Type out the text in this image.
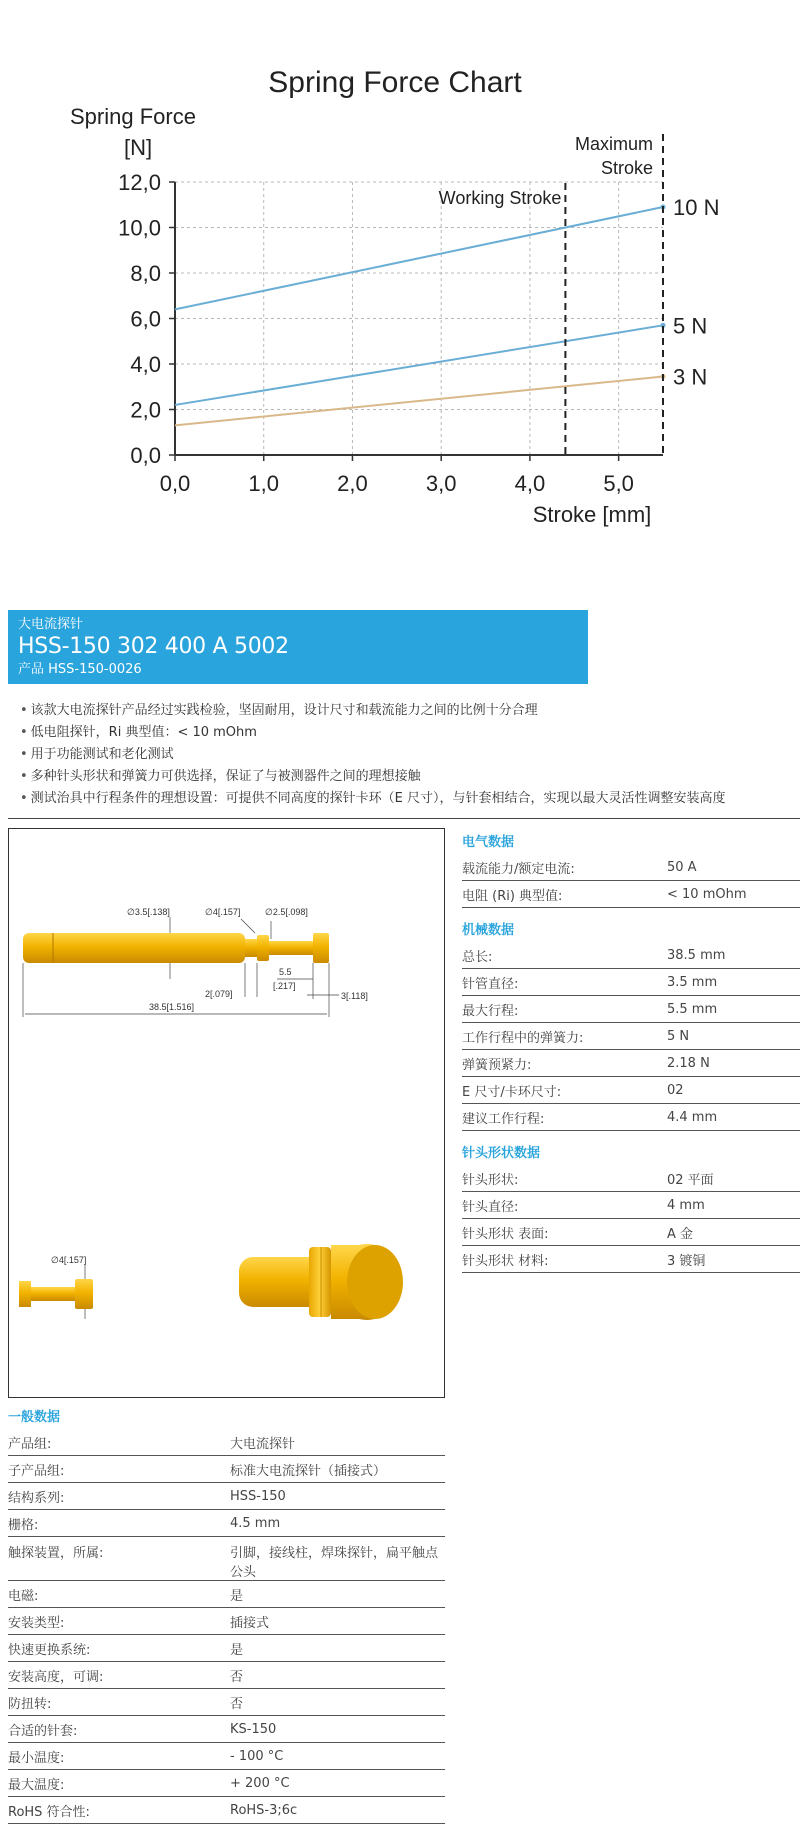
Spring Force Chart
Spring Force
[N]
Stroke [mm]
Maximum
Stroke
0,0
2,0
4,0
6,0
8,0
10,0
12,0
0,0	1,0	2,0	3,0	4,0	5,0
Working Stroke	10 N
5 N
3 N
大电流探针
HSS-150 302 400 A 5002
产品 HSS-150-0026
• 该款大电流探针产品经过实践检验，坚固耐用，设计尺寸和载流能力之间的比例十分合理
• 低电阻探针，Ri 典型值：< 10 mOhm
• 用于功能测试和老化测试
• 多种针头形状和弹簧力可供选择，保证了与被测器件之间的理想接触
• 测试治具中行程条件的理想设置：可提供不同高度的探针卡环（E 尺寸），与针套相结合，实现以最大灵活性调整安装高度
∅3.5[.138]	∅4[.157]	∅2.5[.098]
2[.079]
5.5
[.217]
3[.118]
38.5[1.516]
∅4[.157]
电气数据
载流能力/额定电流:	50 A
电阻 (Ri) 典型值:	< 10 mOhm
机械数据
总长:	38.5 mm
针管直径:	3.5 mm
最大行程:	5.5 mm
工作行程中的弹簧力:	5 N
弹簧预紧力:	2.18 N
E 尺寸/卡环尺寸:	02
建议工作行程:	4.4 mm
针头形状数据
针头形状:	02 平面
针头直径:	4 mm
针头形状 表面:	A 金
针头形状 材料:	3 镀铜
一般数据
产品组:	大电流探针
子产品组:	标准大电流探针（插接式）
结构系列:	HSS-150
栅格:	4.5 mm
触探装置，所属:	引脚，接线柱，焊珠探针，扁平触点公头
电磁:	是
安装类型:	插接式
快速更换系统:	是
安装高度，可调:	否
防扭转:	否
合适的针套:	KS-150
最小温度:	- 100 °C
最大温度:	+ 200 °C
RoHS 符合性:	RoHS-3;6c
